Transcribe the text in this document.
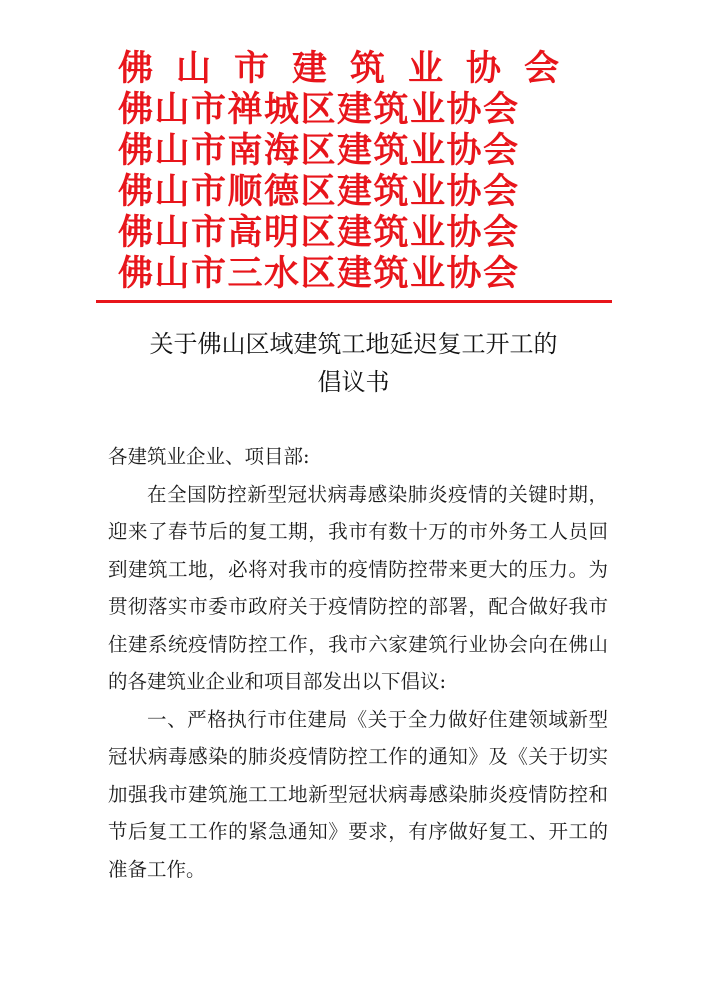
佛山市建筑业协会
佛山市禅城区建筑业协会
佛山市南海区建筑业协会
佛山市顺德区建筑业协会
佛山市高明区建筑业协会
佛山市三水区建筑业协会
关于佛山区域建筑工地延迟复工开工的
倡议书

各建筑业企业、项目部:

在全国防控新型冠状病毒感染肺炎疫情的关键时期，迎来了春节后的复工期，我市有数十万的市外务工人员回到建筑工地，必将对我市的疫情防控带来更大的压力。为贯彻落实市委市政府关于疫情防控的部署，配合做好我市住建系统疫情防控工作，我市六家建筑行业协会向在佛山的各建筑业企业和项目部发出以下倡议:

一、严格执行市住建局《关于全力做好住建领域新型冠状病毒感染的肺炎疫情防控工作的通知》及《关于切实加强我市建筑施工工地新型冠状病毒感染肺炎疫情防控和节后复工工作的紧急通知》要求，有序做好复工、开工的准备工作。
